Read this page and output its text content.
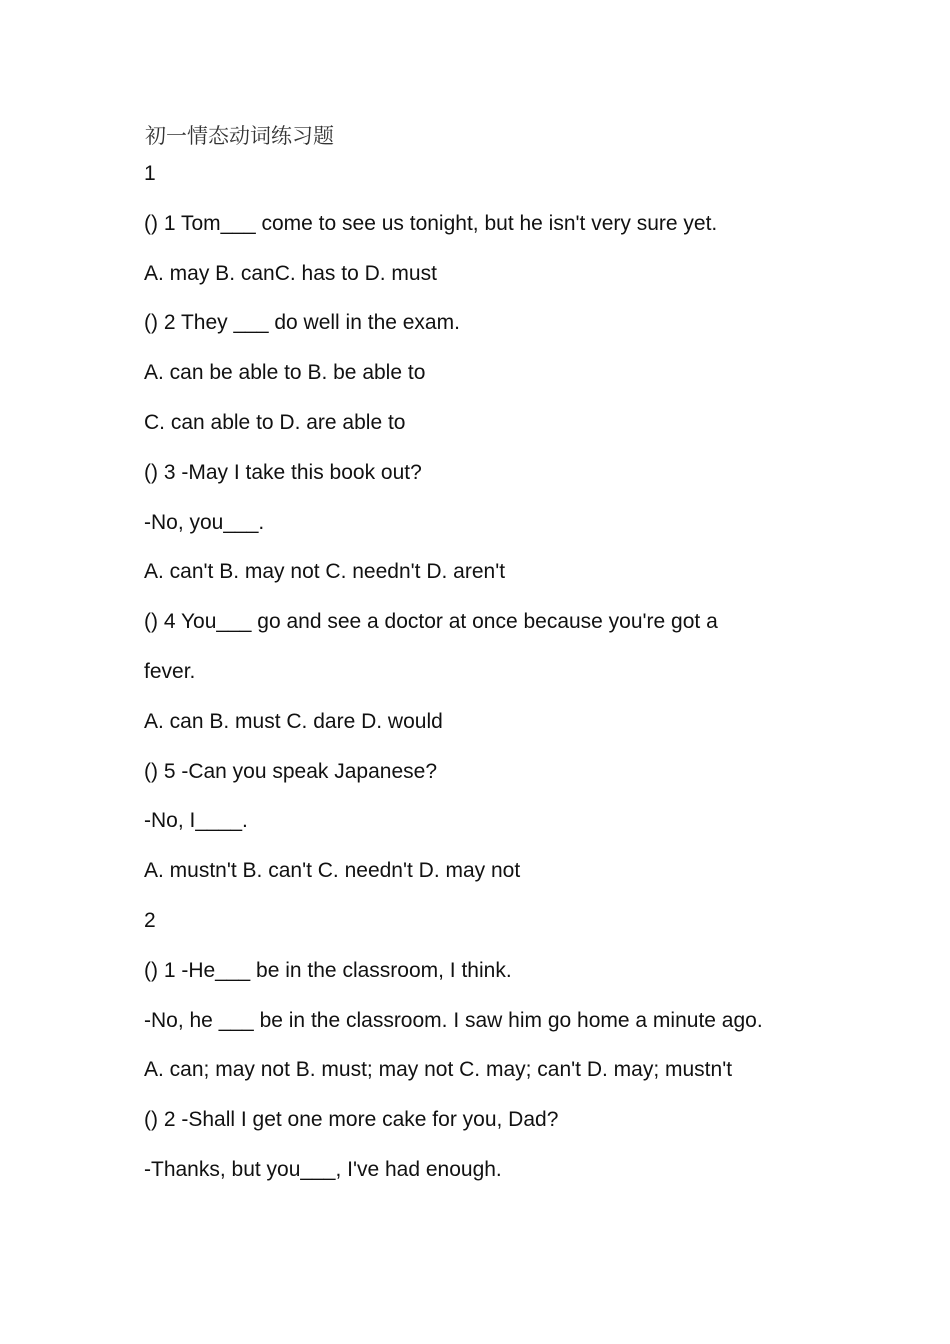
初一情态动词练习题
1
() 1 Tom___ come to see us tonight, but he isn't very sure yet.
A. may B. canC. has to D. must
() 2 They ___ do well in the exam.
A. can be able to B. be able to
C. can able to D. are able to
() 3 -May I take this book out?
-No, you___.
A. can't B. may not C. needn't D. aren't
() 4 You___ go and see a doctor at once because you're got a
fever.
A. can B. must C. dare D. would
() 5 -Can you speak Japanese?
-No, I____.
A. mustn't B. can't C. needn't D. may not
2
() 1 -He___ be in the classroom, I think.
-No, he ___ be in the classroom. I saw him go home a minute ago.
A. can; may not B. must; may not C. may; can't D. may; mustn't
() 2 -Shall I get one more cake for you, Dad?
-Thanks, but you___, I've had enough.
